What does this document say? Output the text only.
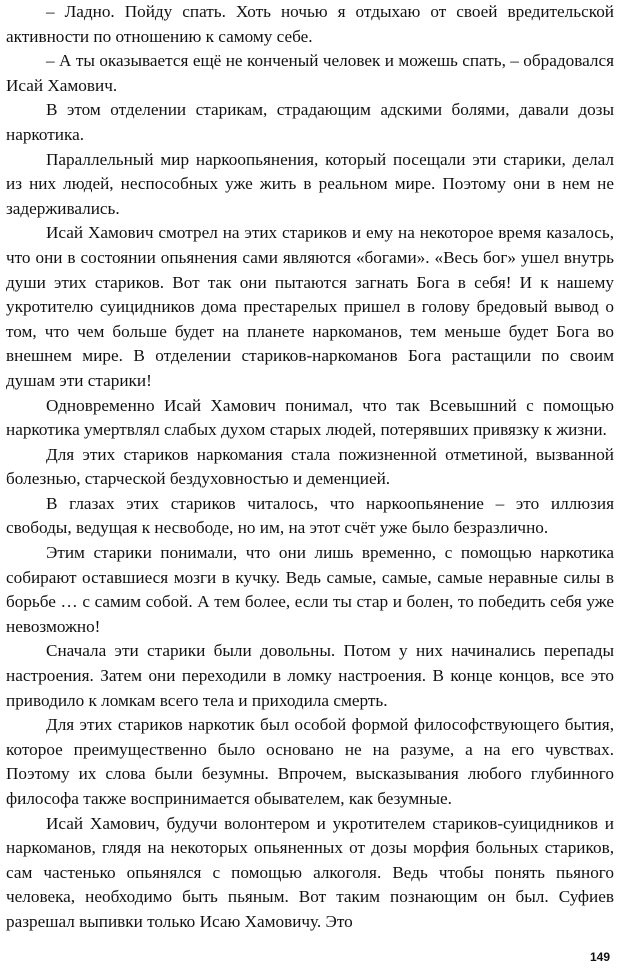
– Ладно. Пойду спать. Хоть ночью я отдыхаю от своей вредительской активности по отношению к самому себе.

– А ты оказывается ещё не конченый человек и можешь спать, – обрадовался Исай Хамович.

В этом отделении старикам, страдающим адскими болями, давали дозы наркотика.

Параллельный мир наркоопьянения, который посещали эти старики, делал из них людей, неспособных уже жить в реальном мире. Поэтому они в нем не задерживались.

Исай Хамович смотрел на этих стариков и ему на некоторое время казалось, что они в состоянии опьянения сами являются «богами». «Весь бог» ушел внутрь души этих стариков. Вот так они пытаются загнать Бога в себя! И к нашему укротителю суицидников дома престарелых пришел в голову бредовый вывод о том, что чем больше будет на планете наркоманов, тем меньше будет Бога во внешнем мире. В отделении стариков-наркоманов Бога растащили по своим душам эти старики!

Одновременно Исай Хамович понимал, что так Всевышний с помощью наркотика умертвлял слабых духом старых людей, потерявших привязку к жизни.

Для этих стариков наркомания стала пожизненной отметиной, вызванной болезнью, старческой бездуховностью и деменцией.

В глазах этих стариков читалось, что наркоопьянение – это иллюзия свободы, ведущая к несвободе, но им, на этот счёт уже было безразлично.

Этим старики понимали, что они лишь временно, с помощью наркотика собирают оставшиеся мозги в кучку. Ведь самые, самые, самые неравные силы в борьбе … с самим собой. А тем более, если ты стар и болен, то победить себя уже невозможно!

Сначала эти старики были довольны. Потом у них начинались перепады настроения. Затем они переходили в ломку настроения. В конце концов, все это приводило к ломкам всего тела и приходила смерть.

Для этих стариков наркотик был особой формой философствующего бытия, которое преимущественно было основано не на разуме, а на его чувствах. Поэтому их слова были безумны. Впрочем, высказывания любого глубинного философа также воспринимается обывателем, как безумные.

Исай Хамович, будучи волонтером и укротителем стариков-суицидников и наркоманов, глядя на некоторых опьяненных от дозы морфия больных стариков, сам частенько опьянялся с помощью алкоголя. Ведь чтобы понять пьяного человека, необходимо быть пьяным. Вот таким познающим он был. Суфиев разрешал выпивки только Исаю Хамовичу. Это

149
